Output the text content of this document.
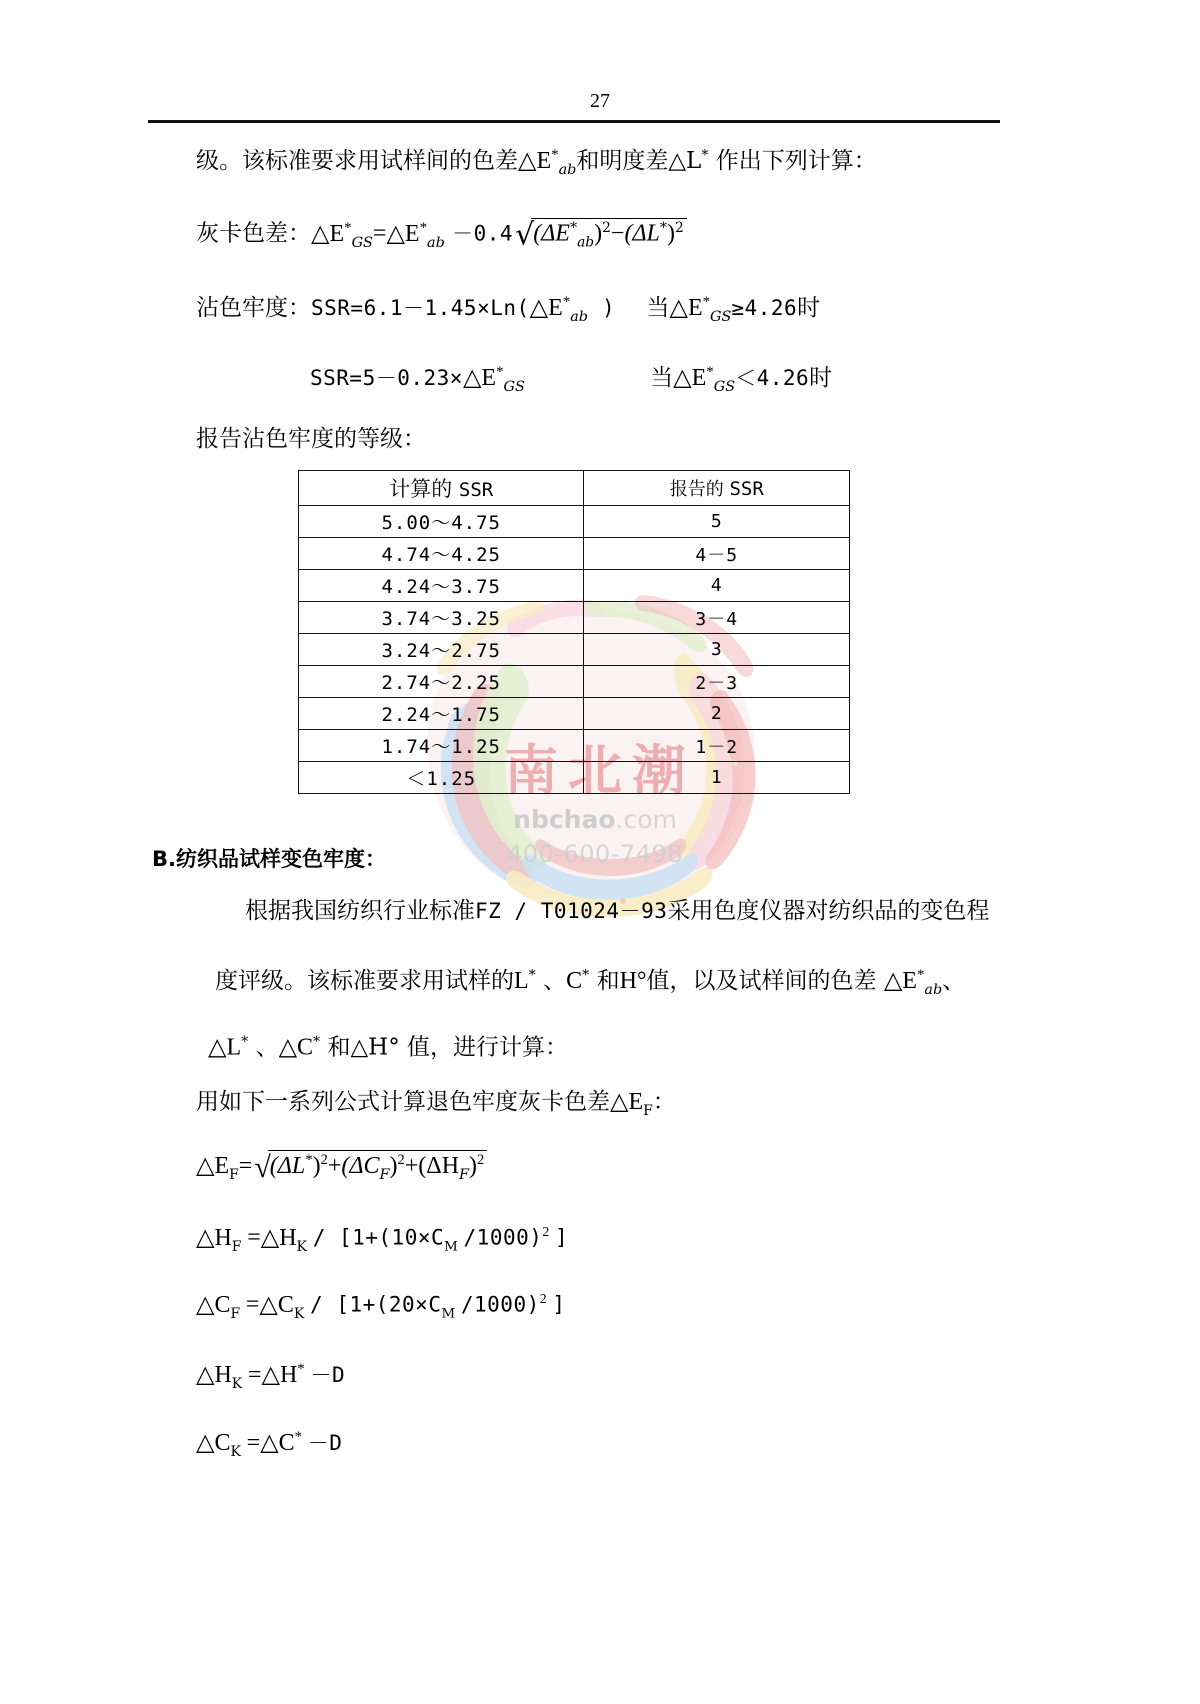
南北潮
nbchao.com
400-600-7498
27
级。该标准要求用试样间的色差$\triangle E^*_{ab}$和明度差△L* 作出下列计算：
灰卡色差：$\triangle E^*_{GS}=\triangle E^*_{ab} -0.4√(\Delta E^*_{ab})^2-(\Delta L^*)^2$
沾色牢度：$SSR=6.1-1.45\times Ln(\triangle E^*_{ab}$ ) 当$\triangle E^*_{GS}\ge 4.26$时
$SSR=5-0.23\times\triangle E^*_{GS}$	当$\triangle E^*_{GS}<4.26$时
报告沾色牢度的等级：
计算的 SSR	报告的 SSR
5.00～4.75	5
4.74～4.25	4－5
4.24～3.75	4
3.74～3.25	3－4
3.24～2.75	3
2.74～2.25	2－3
2.24～1.75	2
1.74～1.25	1－2
＜1.25	1
B.纺织品试样变色牢度：
根据我国纺织行业标准FZ / T01024－93采用色度仪器对纺织品的变色程
度评级。该标准要求用试样的L* 、C* 和H°值，以及试样间的色差 $\triangle E^*_{ab}$、
△L* 、△C* 和△H° 值，进行计算：
用如下一系列公式计算退色牢度灰卡色差$\triangle E_F$：
$\triangle E_F=√(\Delta L^*)^2+(\Delta C_F)^2+(\Delta H_F)^2$
$\triangle H_F$ $=\triangle H_K / [1+(10\times C_M$ /1000)$^2$ ]
$\triangle C_F$ $=\triangle C_K / [1+(20\times C_M$ /1000)$^2$ ]
$\triangle H_K$ =△H* －D
$\triangle C_K$ =△C* －D
